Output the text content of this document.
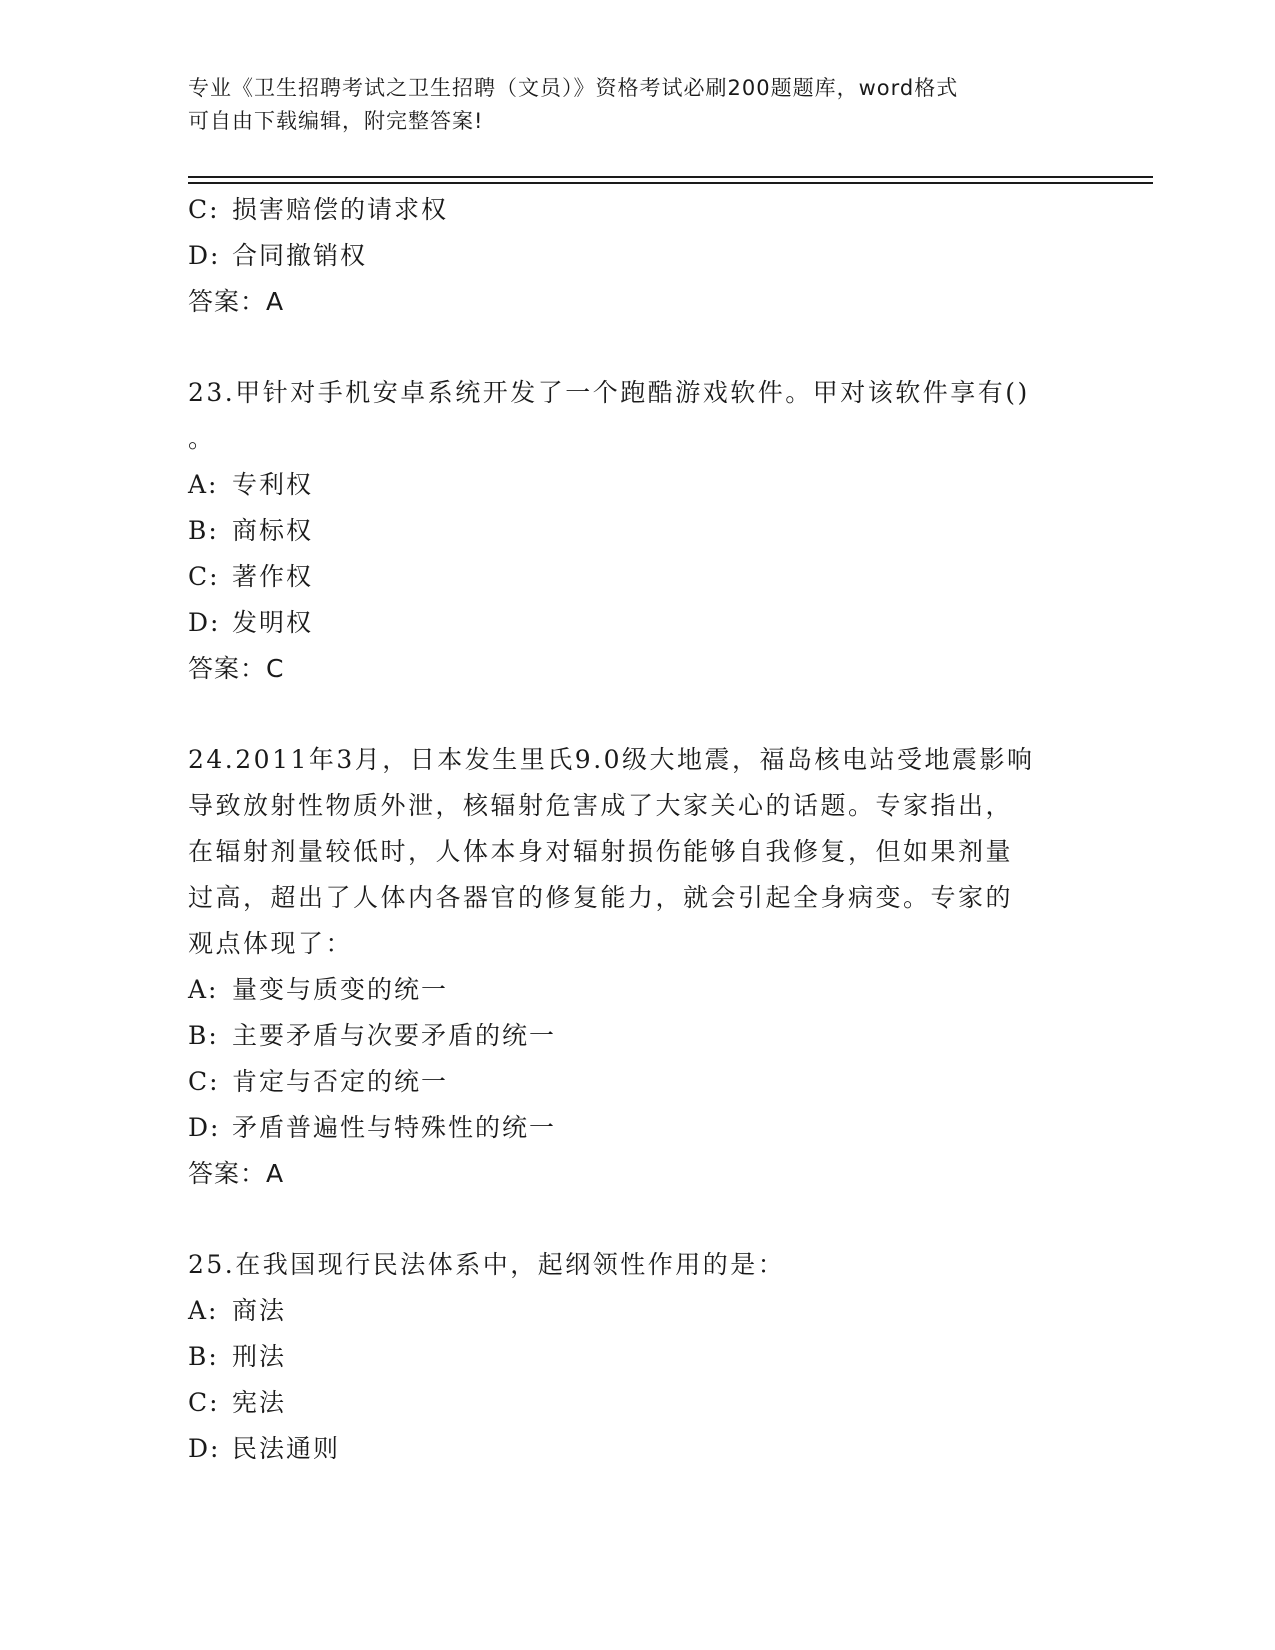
专业《卫生招聘考试之卫生招聘（文员）》资格考试必刷200题题库，word格式
可自由下载编辑，附完整答案!
C: 损害赔偿的请求权
D: 合同撤销权
答案：A
23.甲针对手机安卓系统开发了一个跑酷游戏软件。甲对该软件享有()
。
A: 专利权
B: 商标权
C: 著作权
D: 发明权
答案：C
24.2011年3月，日本发生里氏9.0级大地震，福岛核电站受地震影响
导致放射性物质外泄，核辐射危害成了大家关心的话题。专家指出，
在辐射剂量较低时，人体本身对辐射损伤能够自我修复，但如果剂量
过高，超出了人体内各器官的修复能力，就会引起全身病变。专家的
观点体现了：
A: 量变与质变的统一
B: 主要矛盾与次要矛盾的统一
C: 肯定与否定的统一
D: 矛盾普遍性与特殊性的统一
答案：A
25.在我国现行民法体系中，起纲领性作用的是：
A: 商法
B: 刑法
C: 宪法
D: 民法通则
